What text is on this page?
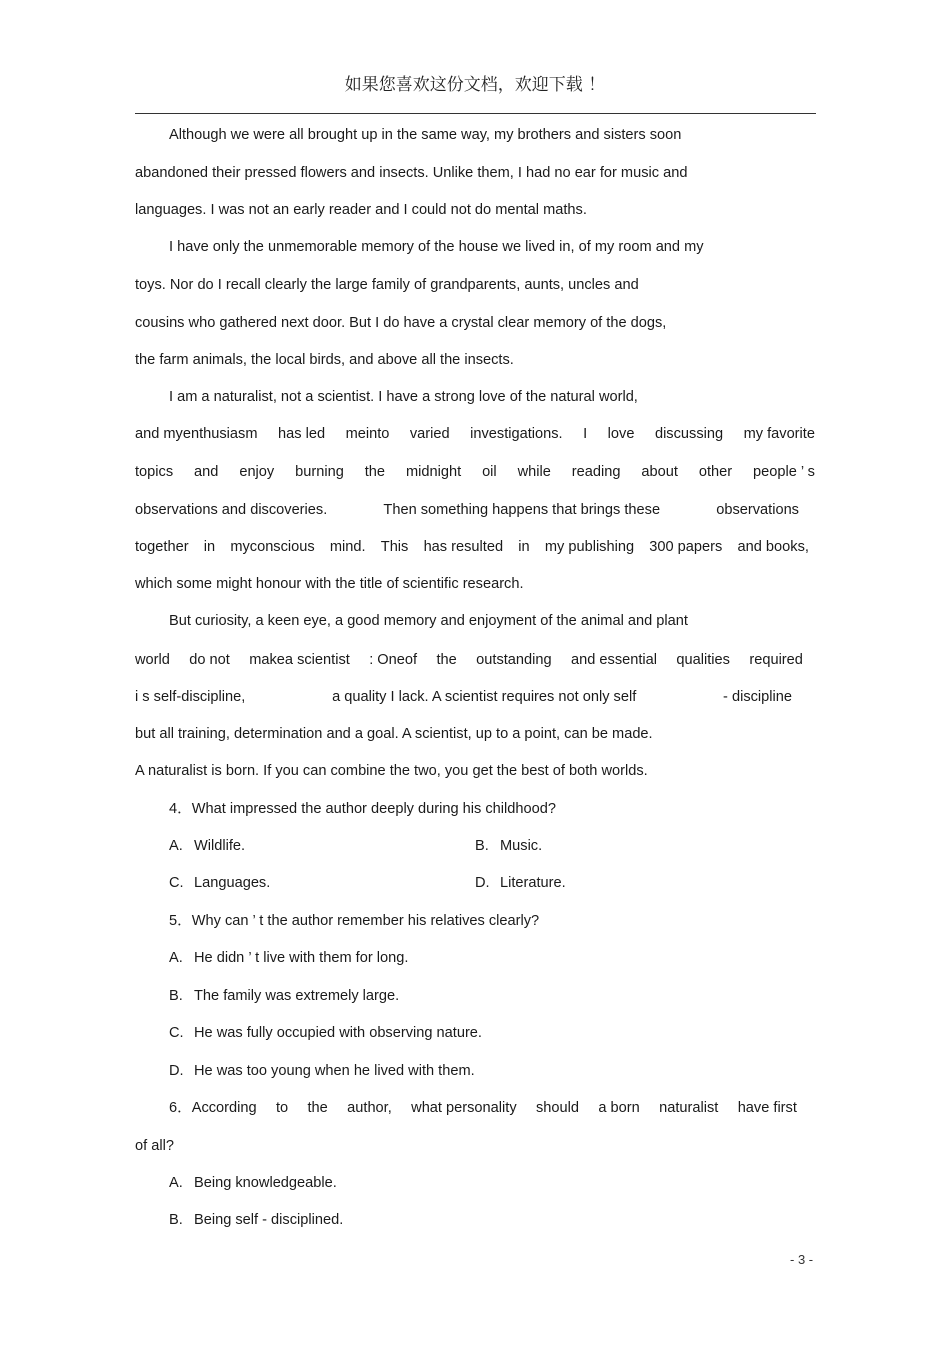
如果您喜欢这份文档，欢迎下载 ！
Although we were all brought up in the same way, my brothers and sisters soon
abandoned their pressed flowers and insects. Unlike them, I had no ear for music and
languages. I was not an early reader and I could not do mental maths.
I have only the unmemorable memory of the house we lived in, of my room and my
toys. Nor do I recall clearly the large family of grandparents, aunts, uncles and
cousins who gathered next door. But I do have a crystal clear memory of the dogs,
the farm animals, the local birds, and above all the insects.
I am a naturalist, not a scientist. I have a strong love of the natural world,
and myenthusiasm has led meinto varied investigations. I love discussing my favorite
topics and enjoy burning the midnight oil while reading about other people ’ s
observations and discoveries.	Then something happens that brings these	observations
together in myconscious mind. This has resulted in my publishing 300 papers and books,
which some might honour with the title of scientific research.
But curiosity, a keen eye, a good memory and enjoyment of the animal and plant
world do not makea scientist : Oneof the outstanding and essential qualities required
i s self-discipline,	a quality I lack. A scientist requires not only self	- discipline
but all training, determination and a goal. A scientist, up to a point, can be made.
A naturalist is born. If you can combine the two, you get the best of both worlds.
4．What impressed the author deeply during his childhood?
A. Wildlife.	B. Music.
C. Languages.	D. Literature.
5．Why can ’ t the author remember his relatives clearly?
A. He didn ’ t live with them for long.
B. The family was extremely large.
C. He was fully occupied with observing nature.
D. He was too young when he lived with them.
6．According to the author, what personality should a born naturalist have first
of all?
A. Being knowledgeable.
B. Being self - disciplined.
- 3 -
